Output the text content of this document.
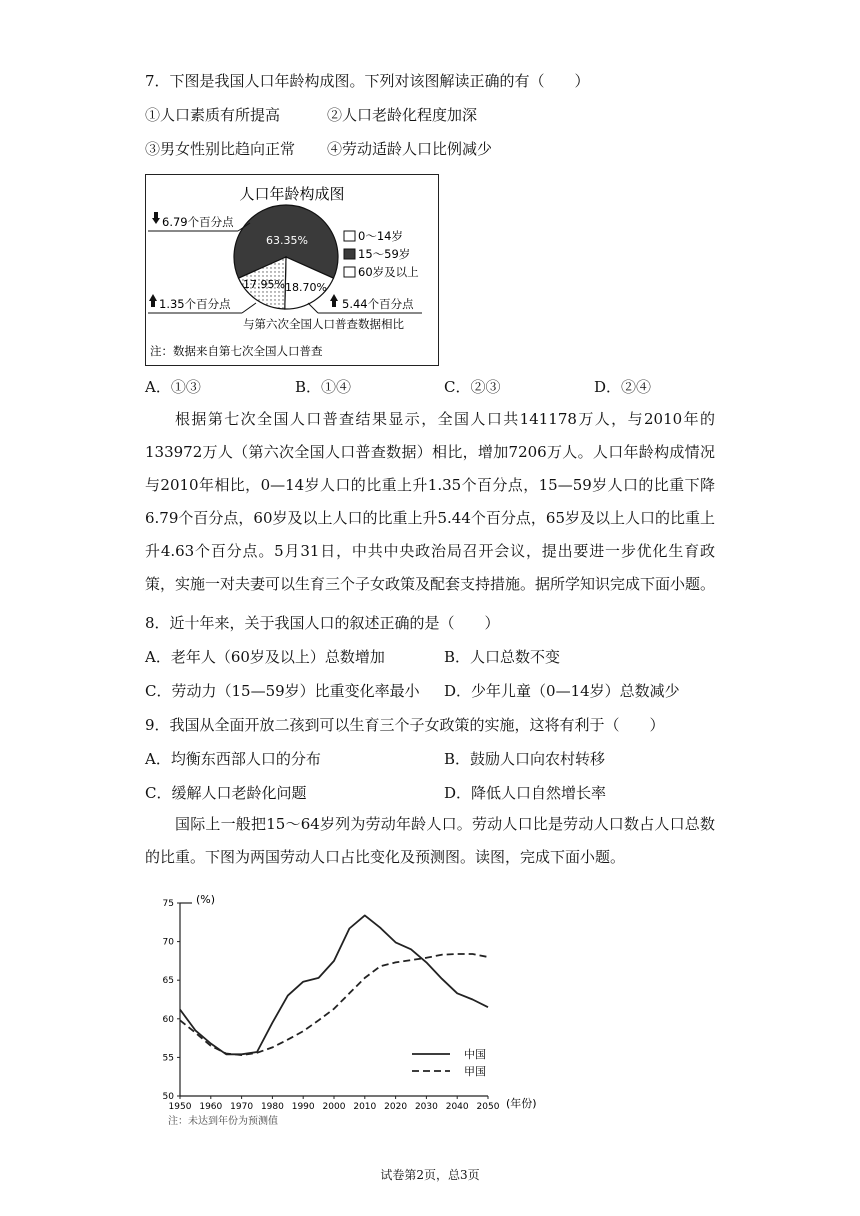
7．下图是我国人口年龄构成图。下列对该图解读正确的有（　　）
①人口素质有所提高	②人口老龄化程度加深
③男女性别比趋向正常 ④劳动适龄人口比例减少
人口年龄构成图
63.35%
17.95% 18.70%
6.79个百分点
1.35个百分点	5.44个百分点
0～14岁
15～59岁
60岁及以上
与第六次全国人口普查数据相比
注：数据来自第七次全国人口普查
A．①③	B．①④	C．②③	D．②④
根据第七次全国人口普查结果显示，全国人口共141178万人，与2010年的133972万人（第六次全国人口普查数据）相比，增加7206万人。人口年龄构成情况与2010年相比，0—14岁人口的比重上升1.35个百分点，15—59岁人口的比重下降6.79个百分点，60岁及以上人口的比重上升5.44个百分点，65岁及以上人口的比重上升4.63个百分点。5月31日，中共中央政治局召开会议，提出要进一步优化生育政策，实施一对夫妻可以生育三个子女政策及配套支持措施。据所学知识完成下面小题。
8．近十年来，关于我国人口的叙述正确的是（　　）
A．老年人（60岁及以上）总数增加	B．人口总数不变
C．劳动力（15—59岁）比重变化率最小 D．少年儿童（0—14岁）总数减少
9．我国从全面开放二孩到可以生育三个子女政策的实施，这将有利于（　　）
A．均衡东西部人口的分布	B．鼓励人口向农村转移
C．缓解人口老龄化问题	D．降低人口自然增长率
国际上一般把15～64岁列为劳动年龄人口。劳动人口比是劳动人口数占人口总数的比重。下图为两国劳动人口占比变化及预测图。读图，完成下面小题。
50
55
60
65
70
75
1950 1960 1970 1980 1990 2000 2010 2020 2030 2040 2050
(%)
(年份)
中国
甲国
注：未达到年份为预测值
试卷第2页，总3页
